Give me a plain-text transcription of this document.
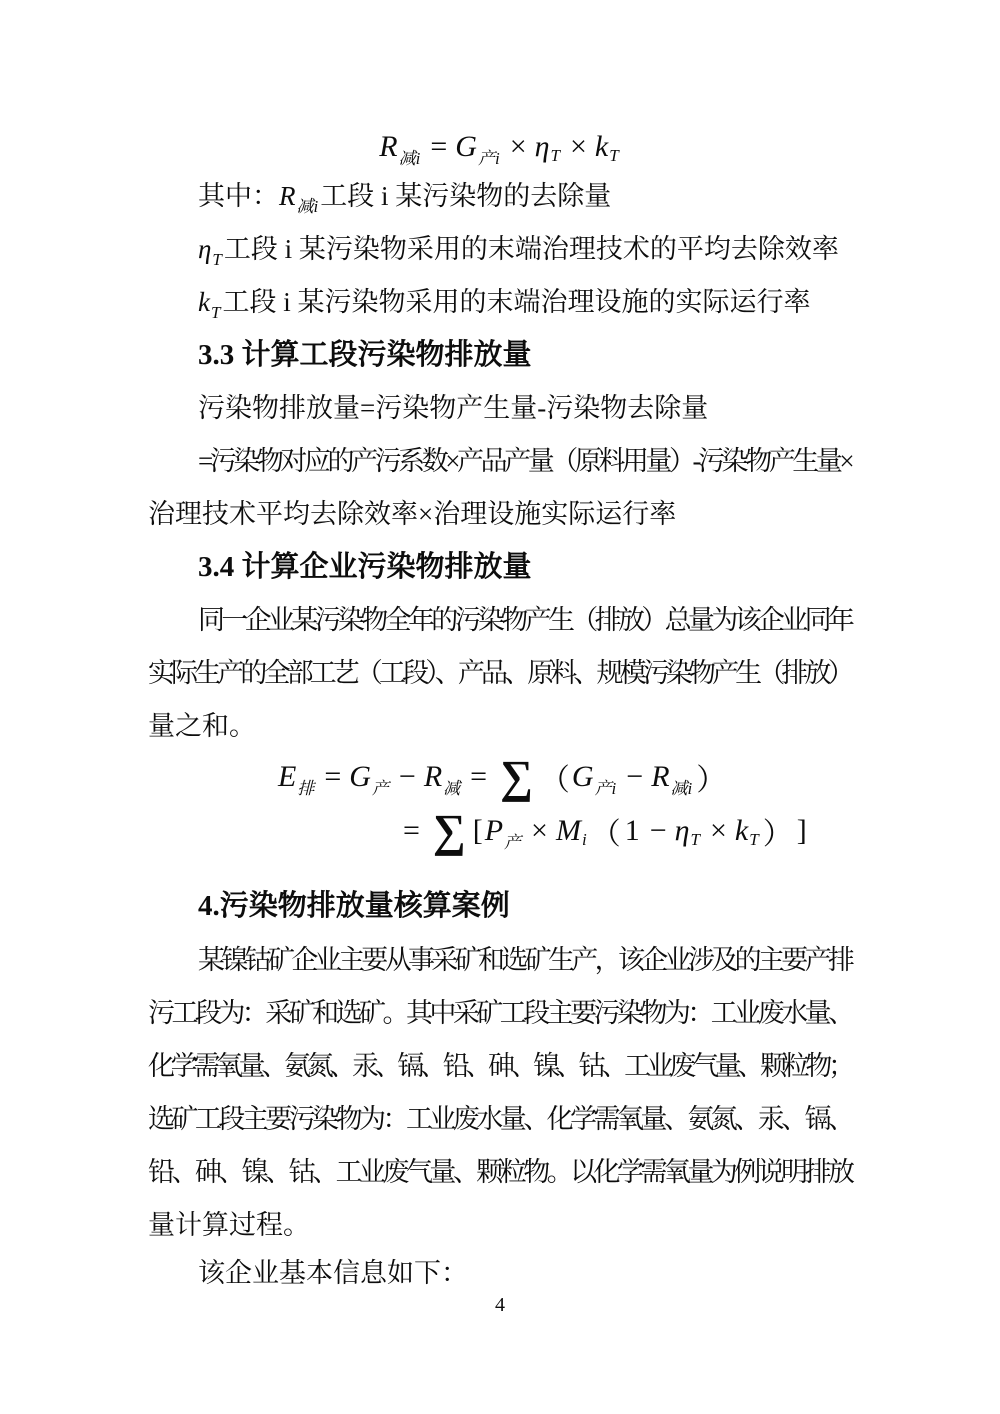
R 减i = G 产i × η T × k T
其中：$R_{减i}$工段 i 某污染物的去除量
$\eta_T$工段 i 某污染物采用的末端治理技术的平均去除效率
$k_T$工段 i 某污染物采用的末端治理设施的实际运行率
3.3 计算工段污染物排放量
污染物排放量=污染物产生量-污染物去除量
=污染物对应的产污系数×产品产量（原料用量）-污染物产生量×
治理技术平均去除效率×治理设施实际运行率
3.4 计算企业污染物排放量
同一企业某污染物全年的污染物产生（排放）总量为该企业同年
实际生产的全部工艺（工段）、产品、原料、规模污染物产生（排放）
量之和。
E 排 = G 产 − R 减 = ∑ （ G 产i − R 减i ）
= ∑ [ P 产 × M i （ 1 − η T × k T ） ]
4.污染物排放量核算案例
某镍钴矿企业主要从事采矿和选矿生产，该企业涉及的主要产排
污工段为：采矿和选矿。其中采矿工段主要污染物为：工业废水量、
化学需氧量、氨氮、汞、镉、铅、砷、镍、钴、工业废气量、颗粒物；
选矿工段主要污染物为：工业废水量、化学需氧量、氨氮、汞、镉、
铅、砷、镍、钴、工业废气量、颗粒物。以化学需氧量为例说明排放
量计算过程。
该企业基本信息如下：
4
